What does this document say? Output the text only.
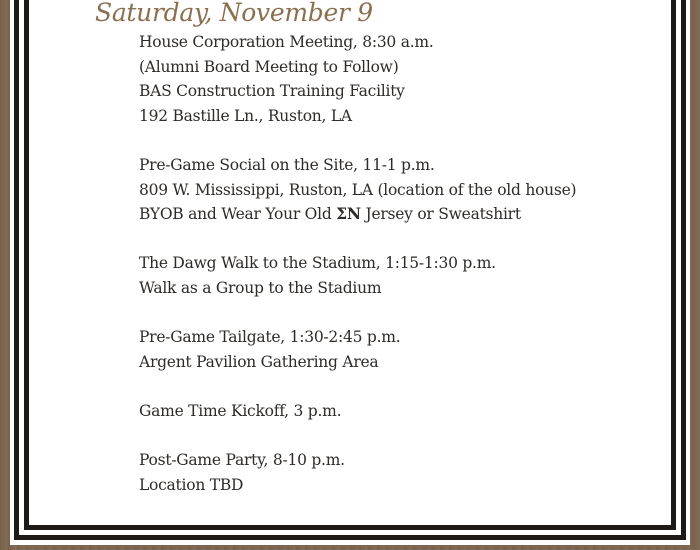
Saturday, November 9
House Corporation Meeting, 8:30 a.m.
(Alumni Board Meeting to Follow)
BAS Construction Training Facility
192 Bastille Ln., Ruston, LA
Pre-Game Social on the Site, 11-1 p.m.
809 W. Mississippi, Ruston, LA (location of the old house)
BYOB and Wear Your Old ΣN Jersey or Sweatshirt
The Dawg Walk to the Stadium, 1:15-1:30 p.m.
Walk as a Group to the Stadium
Pre-Game Tailgate, 1:30-2:45 p.m.
Argent Pavilion Gathering Area
Game Time Kickoff, 3 p.m.
Post-Game Party, 8-10 p.m.
Location TBD
